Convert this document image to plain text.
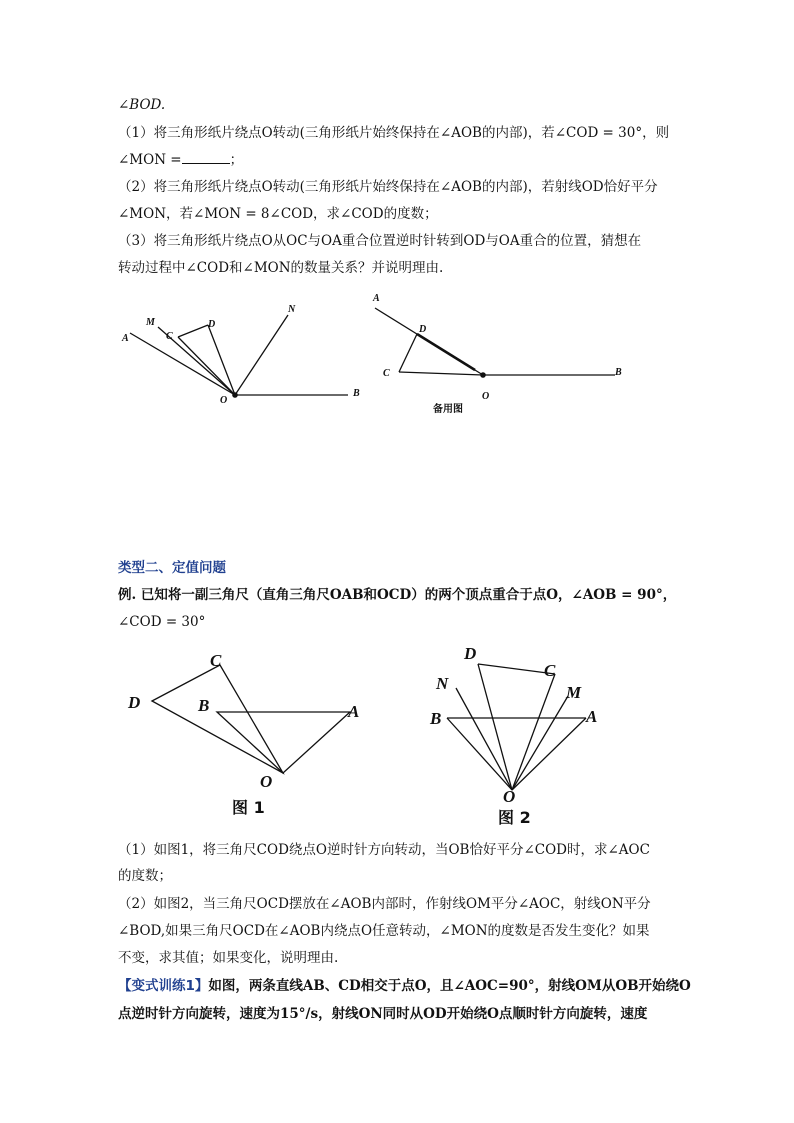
∠BOD.
（1）将三角形纸片绕点O转动(三角形纸片始终保持在∠AOB的内部)，若∠COD = 30°，则
∠MON =	；
（2）将三角形纸片绕点O转动(三角形纸片始终保持在∠AOB的内部)，若射线OD恰好平分
∠MON，若∠MON = 8∠COD，求∠COD的度数；
（3）将三角形纸片绕点O从OC与OA重合位置逆时针转到OD与OA重合的位置，猜想在
转动过程中∠COD和∠MON的数量关系？并说明理由.
A
M
C
D
N
O
B
A
D
C
O
B
备用图
类型二、定值问题
例. 已知将一副三角尺（直角三角尺OAB和OCD）的两个顶点重合于点O，∠AOB = 90°，
∠COD = 30°
C
D	B	A
O
图 1
D
C
N	M
B	A
O
图 2
（1）如图1，将三角尺COD绕点O逆时针方向转动，当OB恰好平分∠COD时，求∠AOC
的度数；
（2）如图2，当三角尺OCD摆放在∠AOB内部时，作射线OM平分∠AOC，射线ON平分
∠BOD,如果三角尺OCD在∠AOB内绕点O任意转动，∠MON的度数是否发生变化？如果
不变，求其值；如果变化，说明理由.
【变式训练1】如图，两条直线AB、CD相交于点O，且∠AOC=90°，射线OM从OB开始绕O
点逆时针方向旋转，速度为15°/s，射线ON同时从OD开始绕O点顺时针方向旋转，速度
